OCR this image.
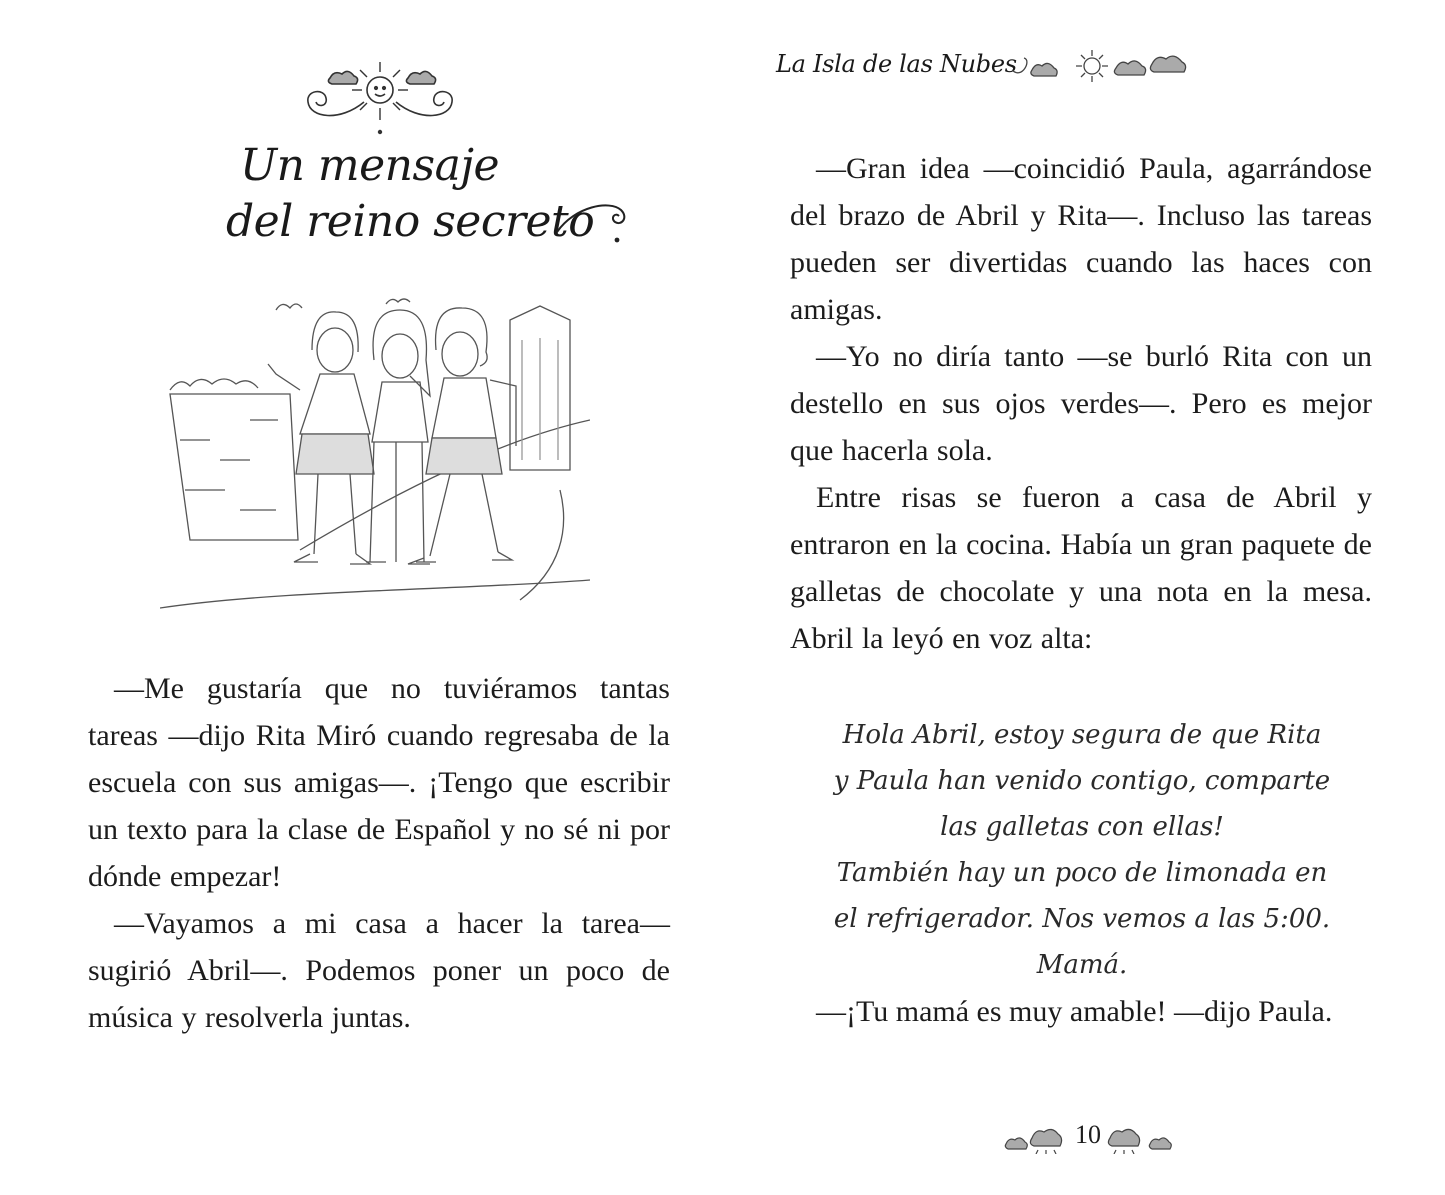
Un mensaje
del reino secreto

—Me gustaría que no tuviéramos tantas tareas —dijo Rita Miró cuando regresaba de la escuela con sus amigas—. ¡Tengo que escribir un texto para la clase de Español y no sé ni por dónde empezar!

—Vayamos a mi casa a hacer la tarea— sugirió Abril—. Podemos poner un poco de música y resolverla juntas.

La Isla de las Nubes

—Gran idea —coincidió Paula, agarrándose del brazo de Abril y Rita—. Incluso las tareas pueden ser divertidas cuando las haces con amigas.

—Yo no diría tanto —se burló Rita con un destello en sus ojos verdes—. Pero es mejor que hacerla sola.

Entre risas se fueron a casa de Abril y entraron en la cocina. Había un gran paquete de galletas de chocolate y una nota en la mesa. Abril la leyó en voz alta:

Hola Abril, estoy segura de que Rita
y Paula han venido contigo, comparte
las galletas con ellas!
También hay un poco de limonada en
el refrigerador. Nos vemos a las 5:00.
Mamá.

—¡Tu mamá es muy amable! —dijo Paula.

10
